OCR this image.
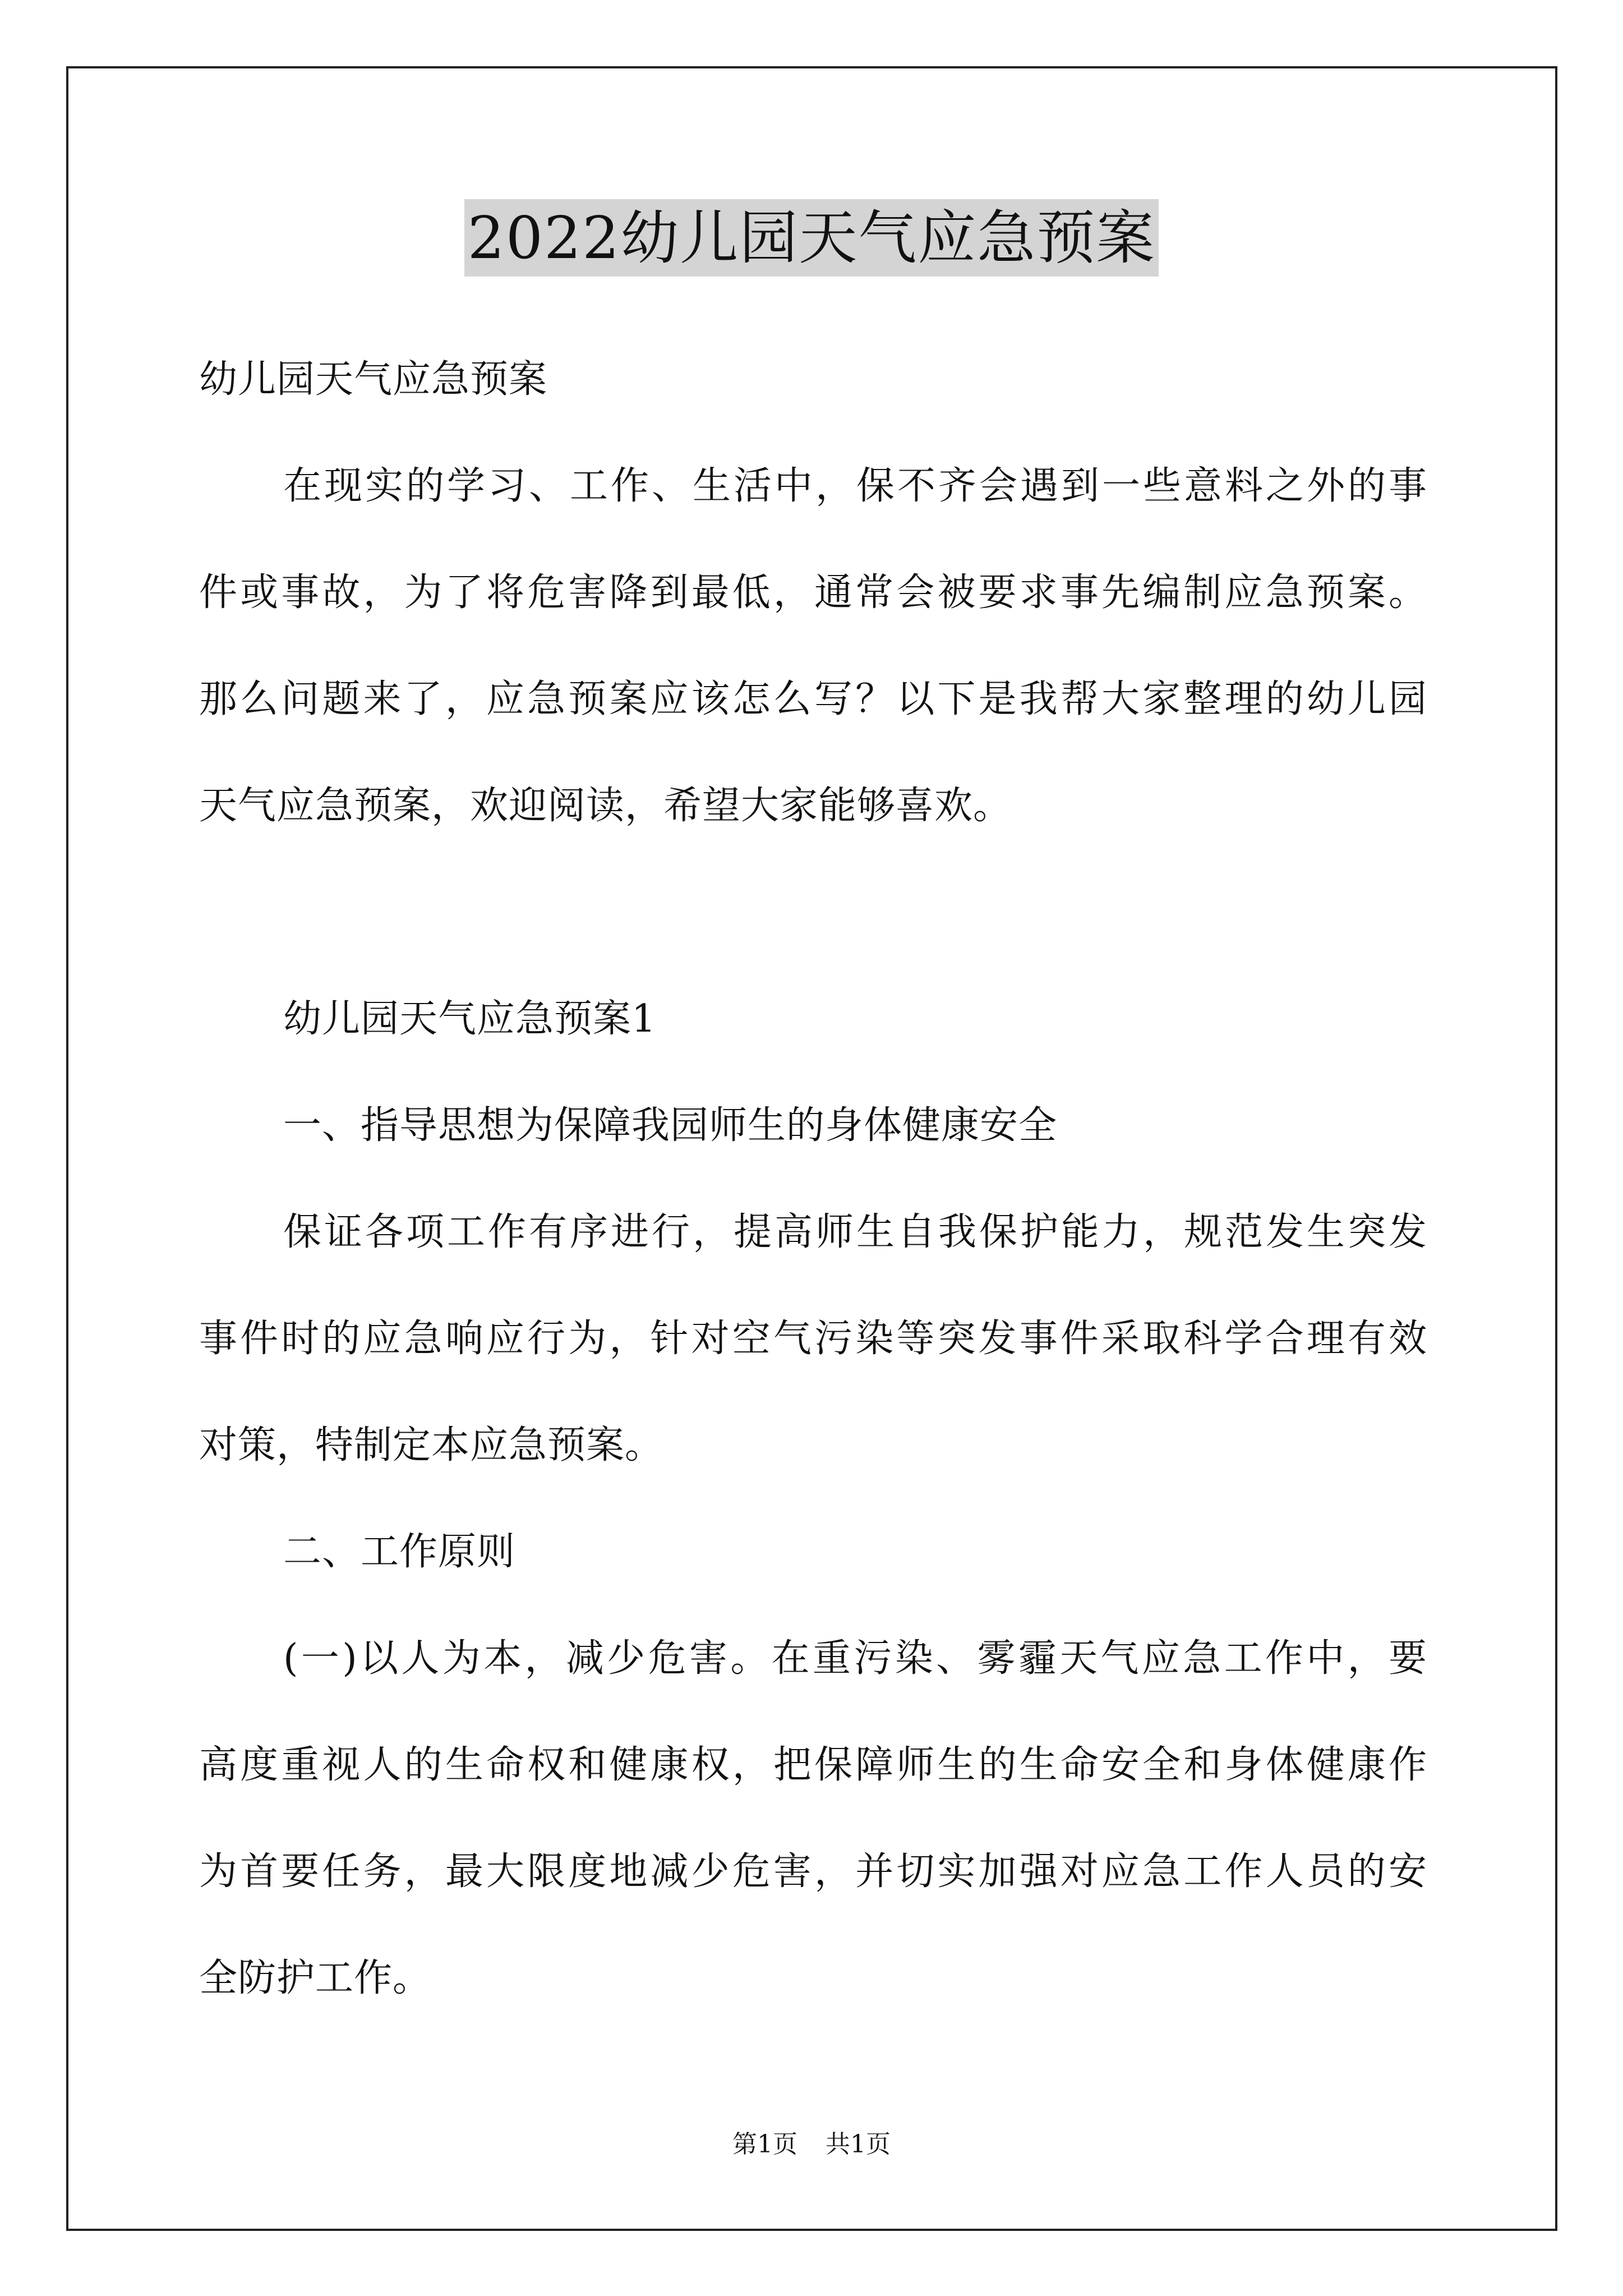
2022幼儿园天气应急预案
幼儿园天气应急预案
在现实的学习、工作、生活中，保不齐会遇到一些意料之外的事
件或事故，为了将危害降到最低，通常会被要求事先编制应急预案。
那么问题来了，应急预案应该怎么写？以下是我帮大家整理的幼儿园
天气应急预案，欢迎阅读，希望大家能够喜欢。
幼儿园天气应急预案1
一、指导思想为保障我园师生的身体健康安全
保证各项工作有序进行，提高师生自我保护能力，规范发生突发
事件时的应急响应行为，针对空气污染等突发事件采取科学合理有效
对策，特制定本应急预案。
二、工作原则
(一)以人为本，减少危害。在重污染、雾霾天气应急工作中，要
高度重视人的生命权和健康权，把保障师生的生命安全和身体健康作
为首要任务，最大限度地减少危害，并切实加强对应急工作人员的安
全防护工作。
第1页 共1页
